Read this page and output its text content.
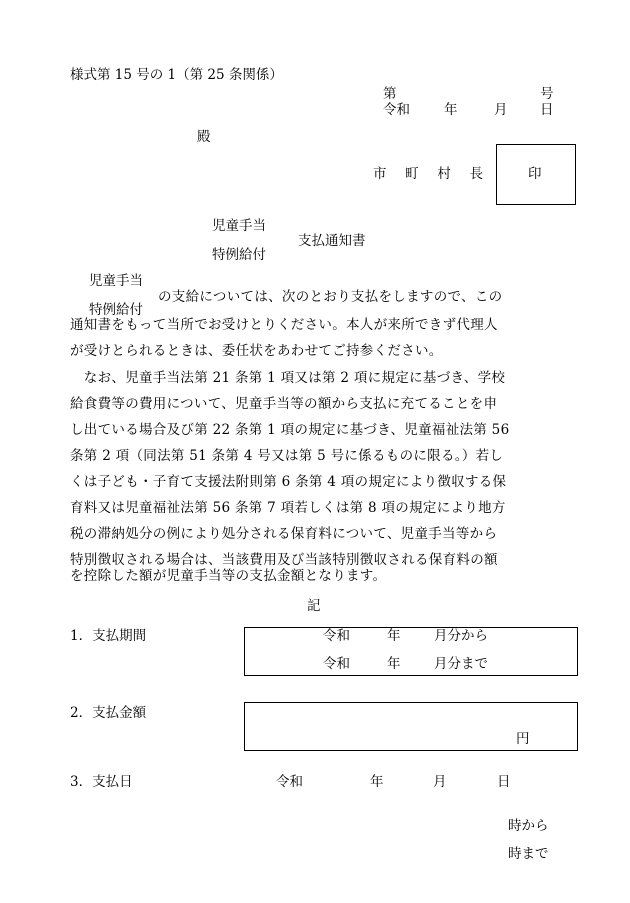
様式第 15 号の 1（第 25 条関係）
第	号
令和	年	月 日
殿
市 町 村 長	印
児童手当
支払通知書
特例給付
児童手当
特例給付
の支給については、次のとおり支払をしますので、この
通知書をもって当所でお受けとりください。本人が来所できず代理人
が受けとられるときは、委任状をあわせてご持参ください。
　なお、児童手当法第 21 条第 1 項又は第 2 項に規定に基づき、学校
給食費等の費用について、児童手当等の額から支払に充てることを申
し出ている場合及び第 22 条第 1 項の規定に基づき、児童福祉法第 56
条第 2 項（同法第 51 条第 4 号又は第 5 号に係るものに限る。）若し
くは子ども・子育て支援法附則第 6 条第 4 項の規定により徴収する保
育料又は児童福祉法第 56 条第 7 項若しくは第 8 項の規定により地方
税の滞納処分の例により処分される保育料について、児童手当等から
特別徴収される場合は、当該費用及び当該特別徴収される保育料の額
を控除した額が児童手当等の支払金額となります。
記
1．支払期間	令和	年 月分から
令和	年 月分まで
2．支払金額
円
3．支払日	令和	年	月	日
時から
時まで
